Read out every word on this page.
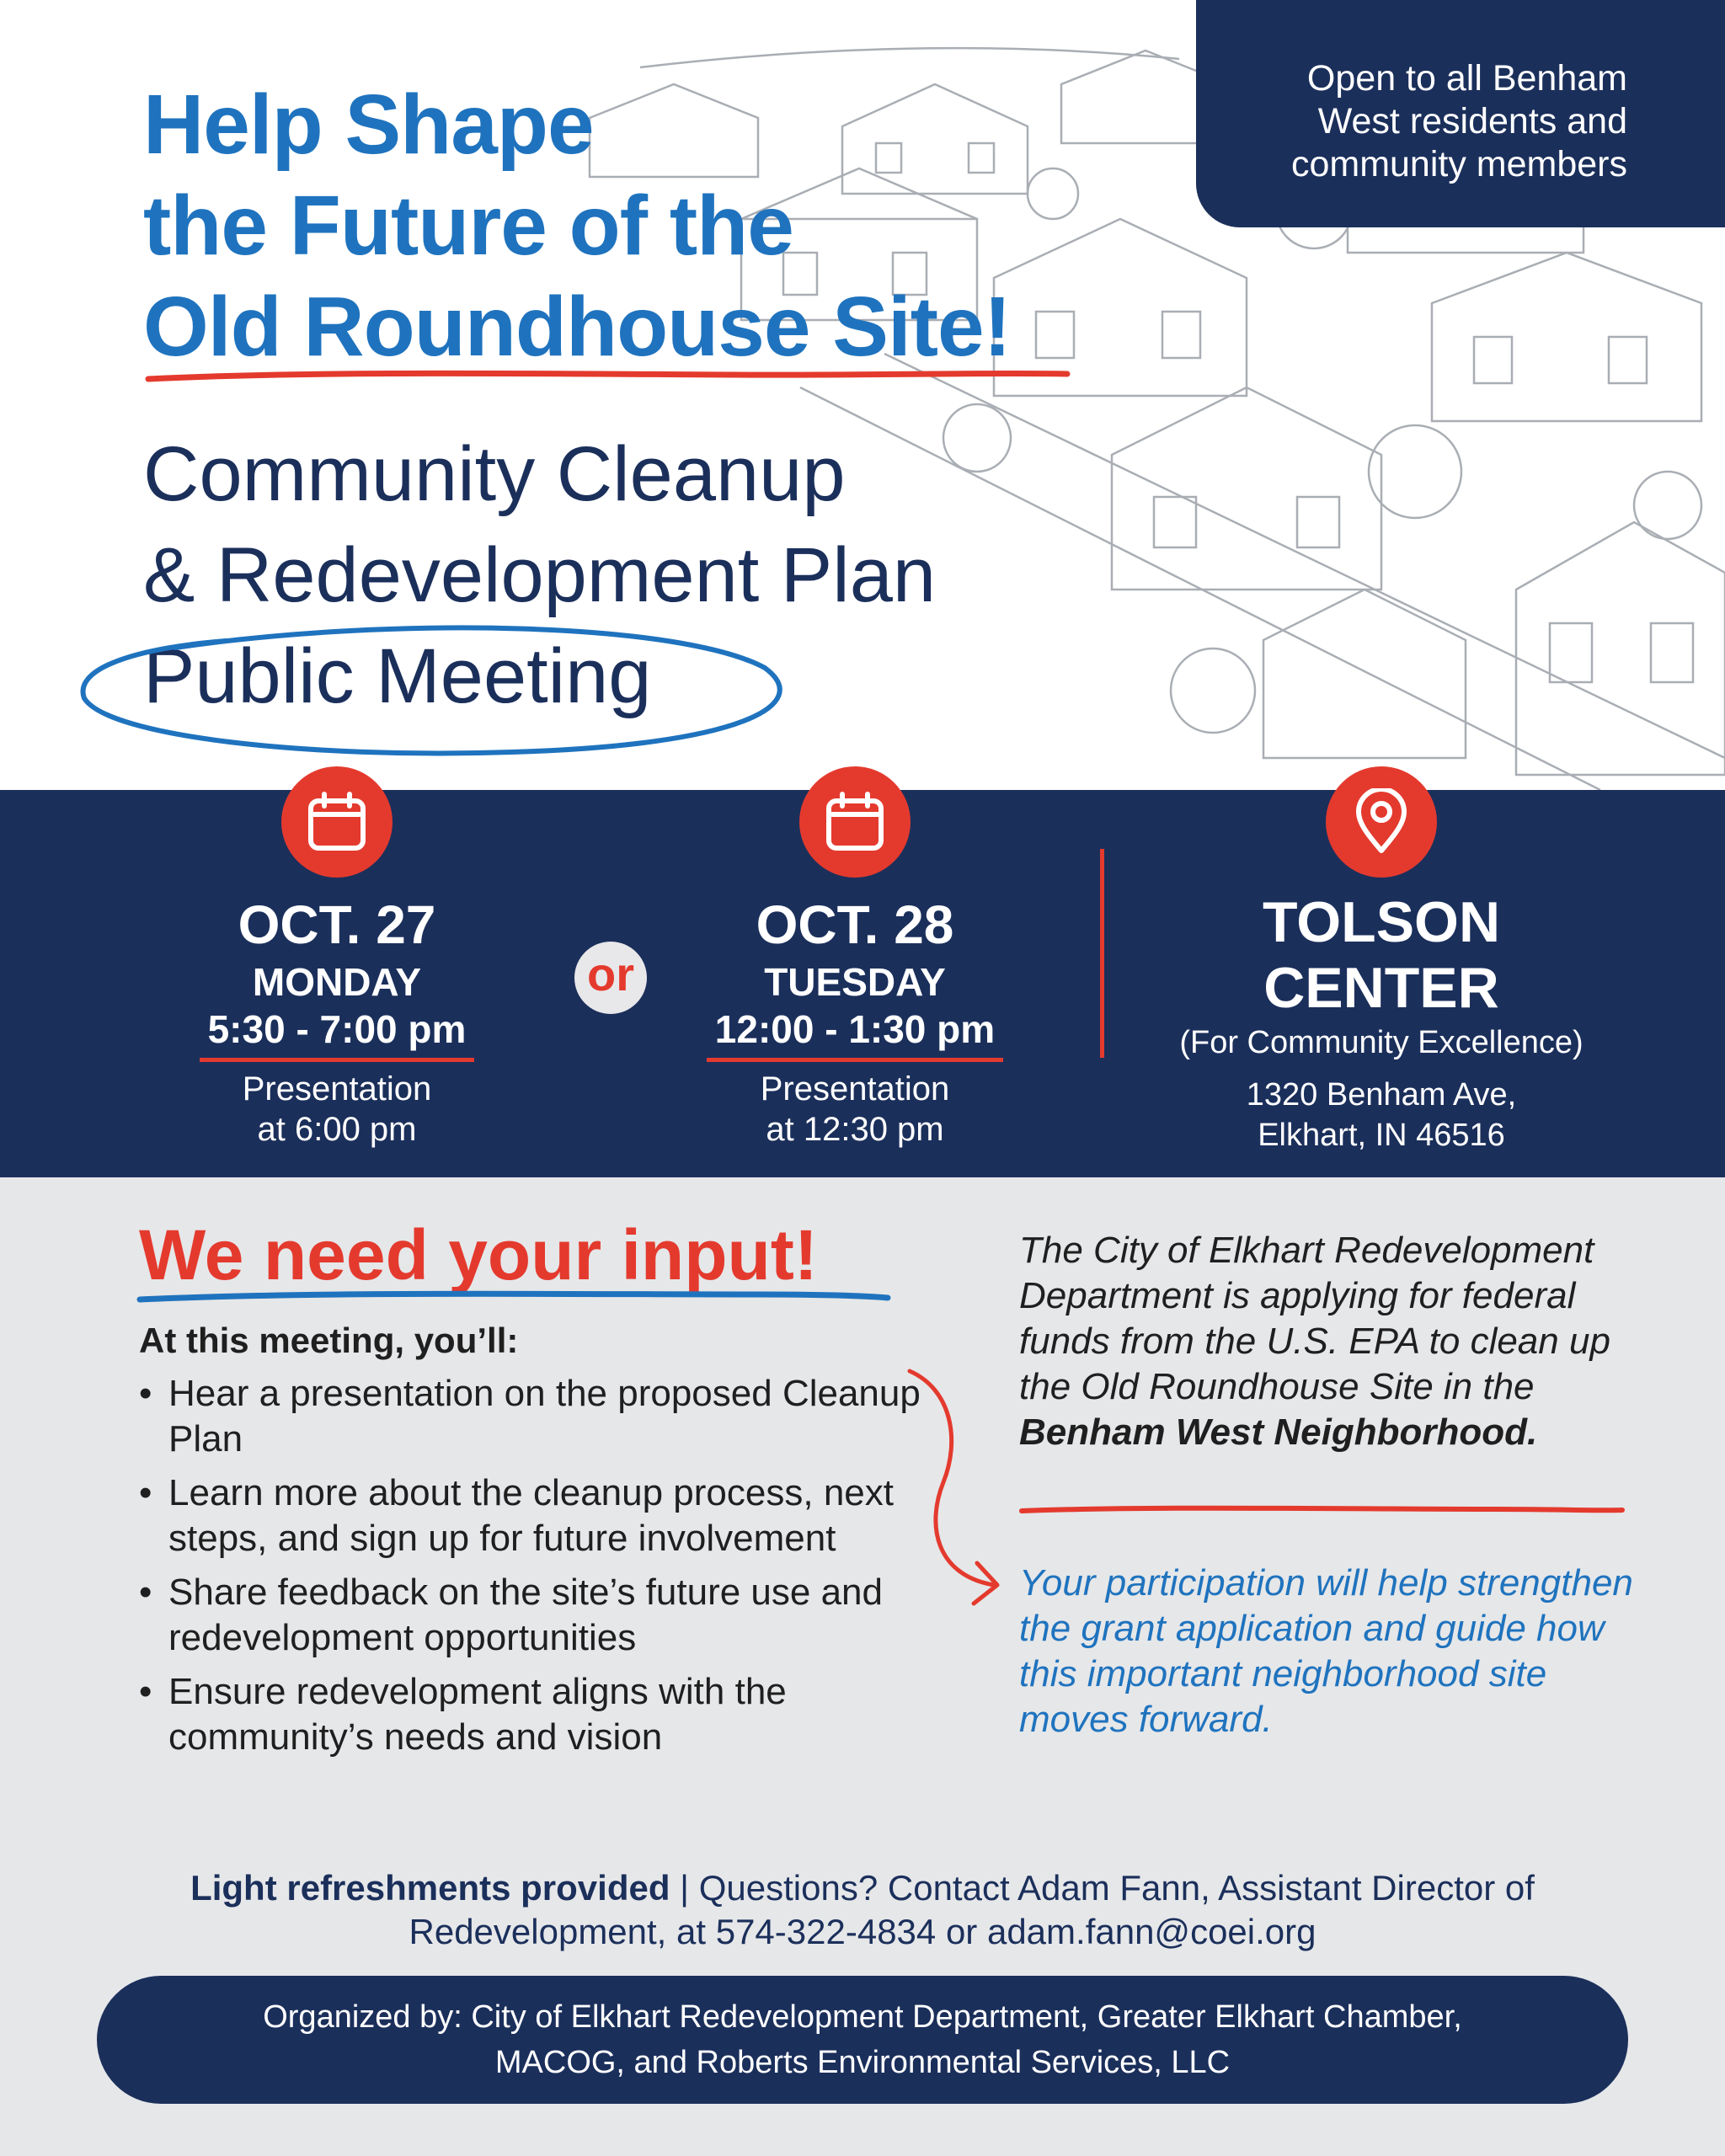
Open to all Benham
West residents and
community members
Help Shape
the Future of the
Old Roundhouse Site!
Community Cleanup
& Redevelopment Plan
Public Meeting
OCT. 27
MONDAY
5:30 - 7:00 pm
Presentation
at 6:00 pm
or
OCT. 28
TUESDAY
12:00 - 1:30 pm
Presentation
at 12:30 pm
TOLSON
CENTER
(For Community Excellence)
1320 Benham Ave,
Elkhart, IN 46516
We need your input!
At this meeting, you’ll:
• Hear a presentation on the proposed Cleanup Plan
• Learn more about the cleanup process, next steps, and sign up for future involvement
• Share feedback on the site’s future use and redevelopment opportunities
• Ensure redevelopment aligns with the community’s needs and vision

The City of Elkhart Redevelopment Department is applying for federal funds from the U.S. EPA to clean up the Old Roundhouse Site in the Benham West Neighborhood.

Your participation will help strengthen the grant application and guide how this important neighborhood site moves forward.

Light refreshments provided | Questions? Contact Adam Fann, Assistant Director of Redevelopment, at 574-322-4834 or adam.fann@coei.org
Organized by: City of Elkhart Redevelopment Department, Greater Elkhart Chamber,
MACOG, and Roberts Environmental Services, LLC
